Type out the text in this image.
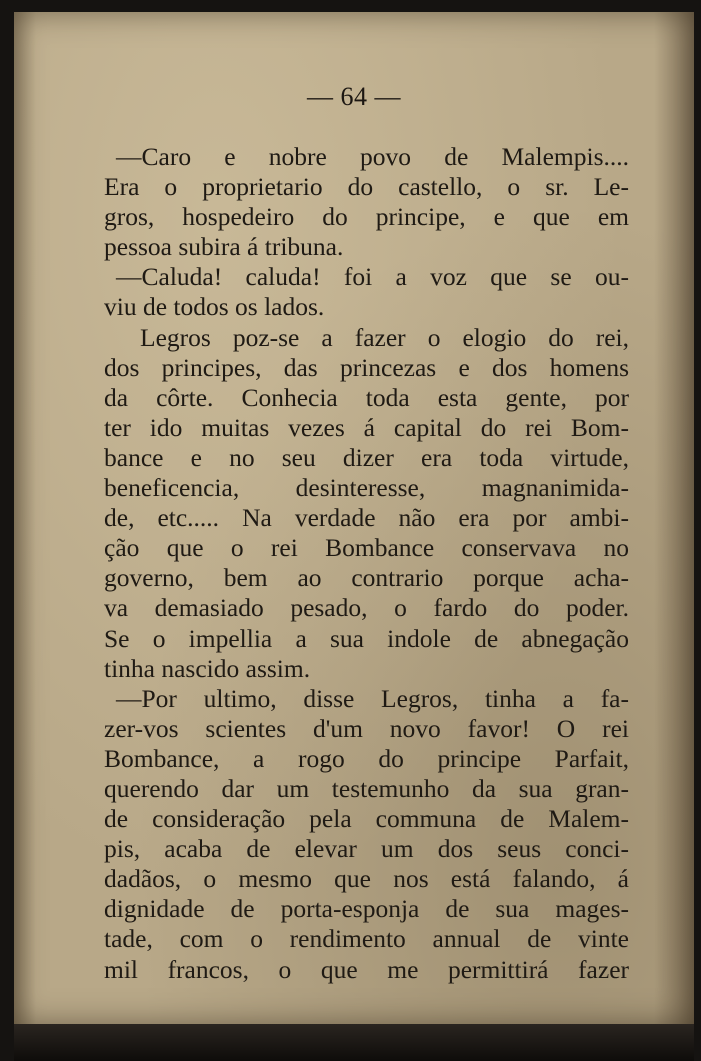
— 64 —
—Caro e nobre povo de Malempis....
Era o proprietario do castello, o sr. Le-
gros, hospedeiro do principe, e que em
pessoa subira á tribuna.
—Caluda! caluda! foi a voz que se ou-
viu de todos os lados.
Legros poz-se a fazer o elogio do rei,
dos principes, das princezas e dos homens
da côrte. Conhecia toda esta gente, por
ter ido muitas vezes á capital do rei Bom-
bance e no seu dizer era toda virtude,
beneficencia, desinteresse, magnanimida-
de, etc..... Na verdade não era por ambi-
ção que o rei Bombance conservava no
governo, bem ao contrario porque acha-
va demasiado pesado, o fardo do poder.
Se o impellia a sua indole de abnegação
tinha nascido assim.
—Por ultimo, disse Legros, tinha a fa-
zer-vos scientes d'um novo favor! O rei
Bombance, a rogo do principe Parfait,
querendo dar um testemunho da sua gran-
de consideração pela communa de Malem-
pis, acaba de elevar um dos seus conci-
dadãos, o mesmo que nos está falando, á
dignidade de porta-esponja de sua mages-
tade, com o rendimento annual de vinte
mil francos, o que me permittirá fazer
